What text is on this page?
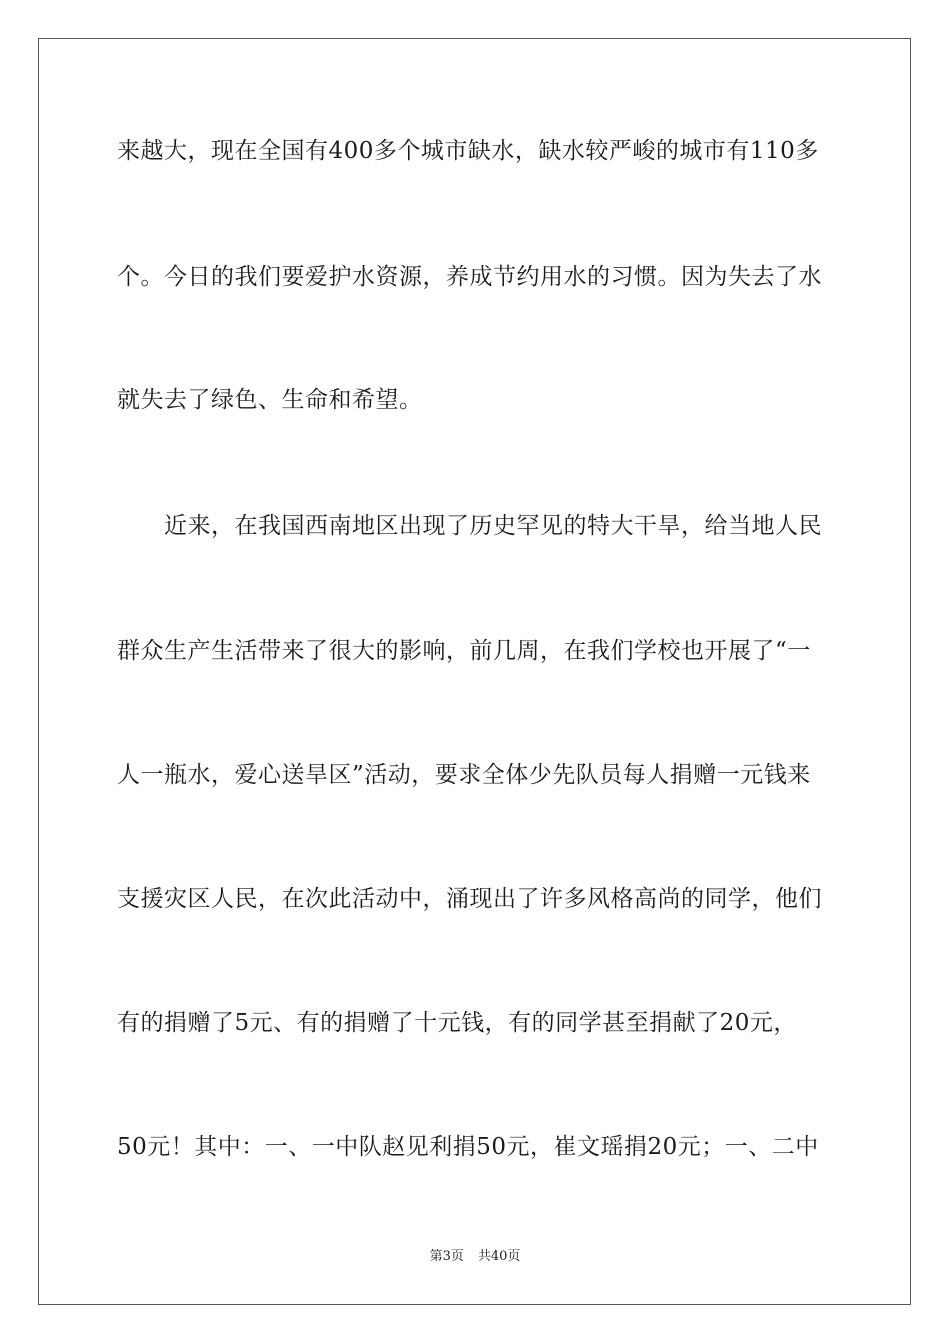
来越大，现在全国有400多个城市缺水，缺水较严峻的城市有110多
个。今日的我们要爱护水资源，养成节约用水的习惯。因为失去了水
就失去了绿色、生命和希望。
近来，在我国西南地区出现了历史罕见的特大干旱，给当地人民
群众生产生活带来了很大的影响，前几周，在我们学校也开展了“一
人一瓶水，爱心送旱区”活动，要求全体少先队员每人捐赠一元钱来
支援灾区人民，在次此活动中，涌现出了许多风格高尚的同学，他们
有的捐赠了5元、有的捐赠了十元钱，有的同学甚至捐献了20元，
50元！其中：一、一中队赵见利捐50元，崔文瑶捐20元；一、二中
第3页 共40页
